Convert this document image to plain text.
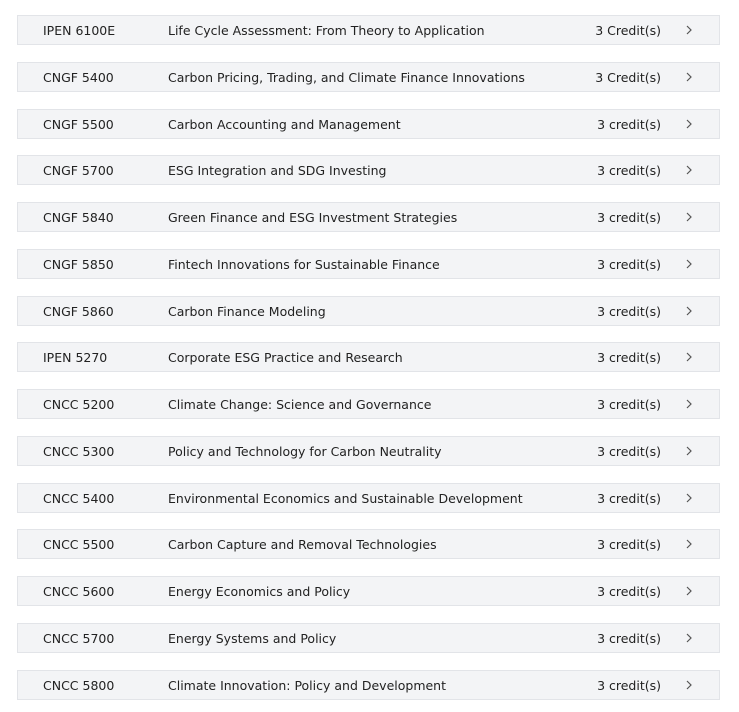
IPEN 6100E	Life Cycle Assessment: From Theory to Application	3 Credit(s)
CNGF 5400	Carbon Pricing, Trading, and Climate Finance Innovations	3 Credit(s)
CNGF 5500	Carbon Accounting and Management	3 credit(s)
CNGF 5700	ESG Integration and SDG Investing	3 credit(s)
CNGF 5840	Green Finance and ESG Investment Strategies	3 credit(s)
CNGF 5850	Fintech Innovations for Sustainable Finance	3 credit(s)
CNGF 5860	Carbon Finance Modeling	3 credit(s)
IPEN 5270	Corporate ESG Practice and Research	3 credit(s)
CNCC 5200	Climate Change: Science and Governance	3 credit(s)
CNCC 5300	Policy and Technology for Carbon Neutrality	3 credit(s)
CNCC 5400	Environmental Economics and Sustainable Development	3 credit(s)
CNCC 5500	Carbon Capture and Removal Technologies	3 credit(s)
CNCC 5600	Energy Economics and Policy	3 credit(s)
CNCC 5700	Energy Systems and Policy	3 credit(s)
CNCC 5800	Climate Innovation: Policy and Development	3 credit(s)
